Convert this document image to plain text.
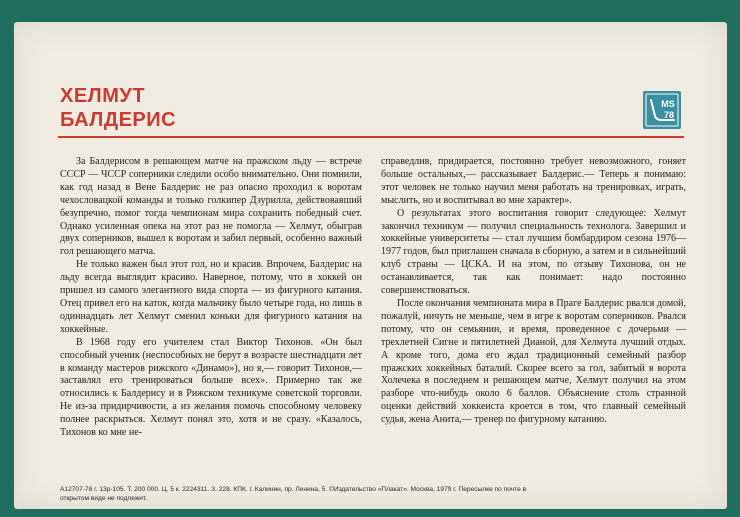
ХЕЛМУТ
БАЛДЕРИС
MS
78

За Балдерисом в решающем матче на пражском льду — встрече СССР — ЧССР соперники следили особо внимательно. Они помнили, как год назад в Вене Балдерис не раз опасно проходил к воротам чехословацкой команды и только голкипер Дзурилла, действовавший безупречно, помог тогда чемпионам мира сохранить победный счет. Однако усиленная опека на этот раз не помогла — Хелмут, обыграв двух соперников, вышел к воротам и забил первый, особенно важный гол решающего матча.

Не только важен был этот гол, но и красив. Впрочем, Балдерис на льду всегда выглядит красиво. Наверное, потому, что в хоккей он пришел из самого элегантного вида спорта — из фигурного катания. Отец привел его на каток, когда мальчику было четыре года, но лишь в одиннадцать лет Хелмут сменил коньки для фигурного катания на хоккейные.

В 1968 году его учителем стал Виктор Тихонов. «Он был способный ученик (неспособных не берут в возрасте шестнадцати лет в команду мастеров рижского «Динамо»), но я,— говорит Тихонов,— заставлял его тренироваться больше всех». Примерно так же относились к Балдерису и в Рижском техникуме советской торговли. Не из-за придирчивости, а из желания помочь способному человеку полнее раскрыться. Хелмут понял это, хотя и не сразу. «Казалось, Тихонов ко мне не-

справедлив, придирается, постоянно требует невозможного, гоняет больше остальных,— рассказывает Балдерис.— Теперь я понимаю: этот человек не только научил меня работать на тренировках, играть, мыслить, но и воспитывал во мне характер».

О результатах этого воспитания говорит следующее: Хелмут закончил техникум — получил специальность технолога. Завершил и хоккейные университеты — стал лучшим бомбардиром сезона 1976—1977 годов, был приглашен сначала в сборную, а затем и в сильнейший клуб страны — ЦСКА. И на этом, по отзыву Тихонова, он не останавливается, так как понимает: надо постоянно совершенствоваться.

После окончания чемпионата мира в Праге Балдерис рвался домой, пожалуй, ничуть не меньше, чем в игре к воротам соперников. Рвался потому, что он семьянин, и время, проведенное с дочерьми — трехлетней Сигне и пятилетней Дианой, для Хелмута лучший отдых. А кроме того, дома его ждал традиционный семейный разбор пражских хоккейных баталий. Скорее всего за гол, забитый в ворота Холечека в последнем и решающем матче, Хелмут получил на этом разборе что-нибудь около 6 баллов. Объяснение столь странной оценки действий хоккеиста кроется в том, что главный семейный судья, жена Анита,— тренер по фигурному катанию.

А12707-78 г. 13р-105. Т. 200 000. Ц. 5 к. 2224311. З. 228. КПК. г. Калинин, пр. Ленина, 5. ©Издательство «Плакат». Москва, 1979 г. Пересылке по почте в
открытом виде не подлежит.
